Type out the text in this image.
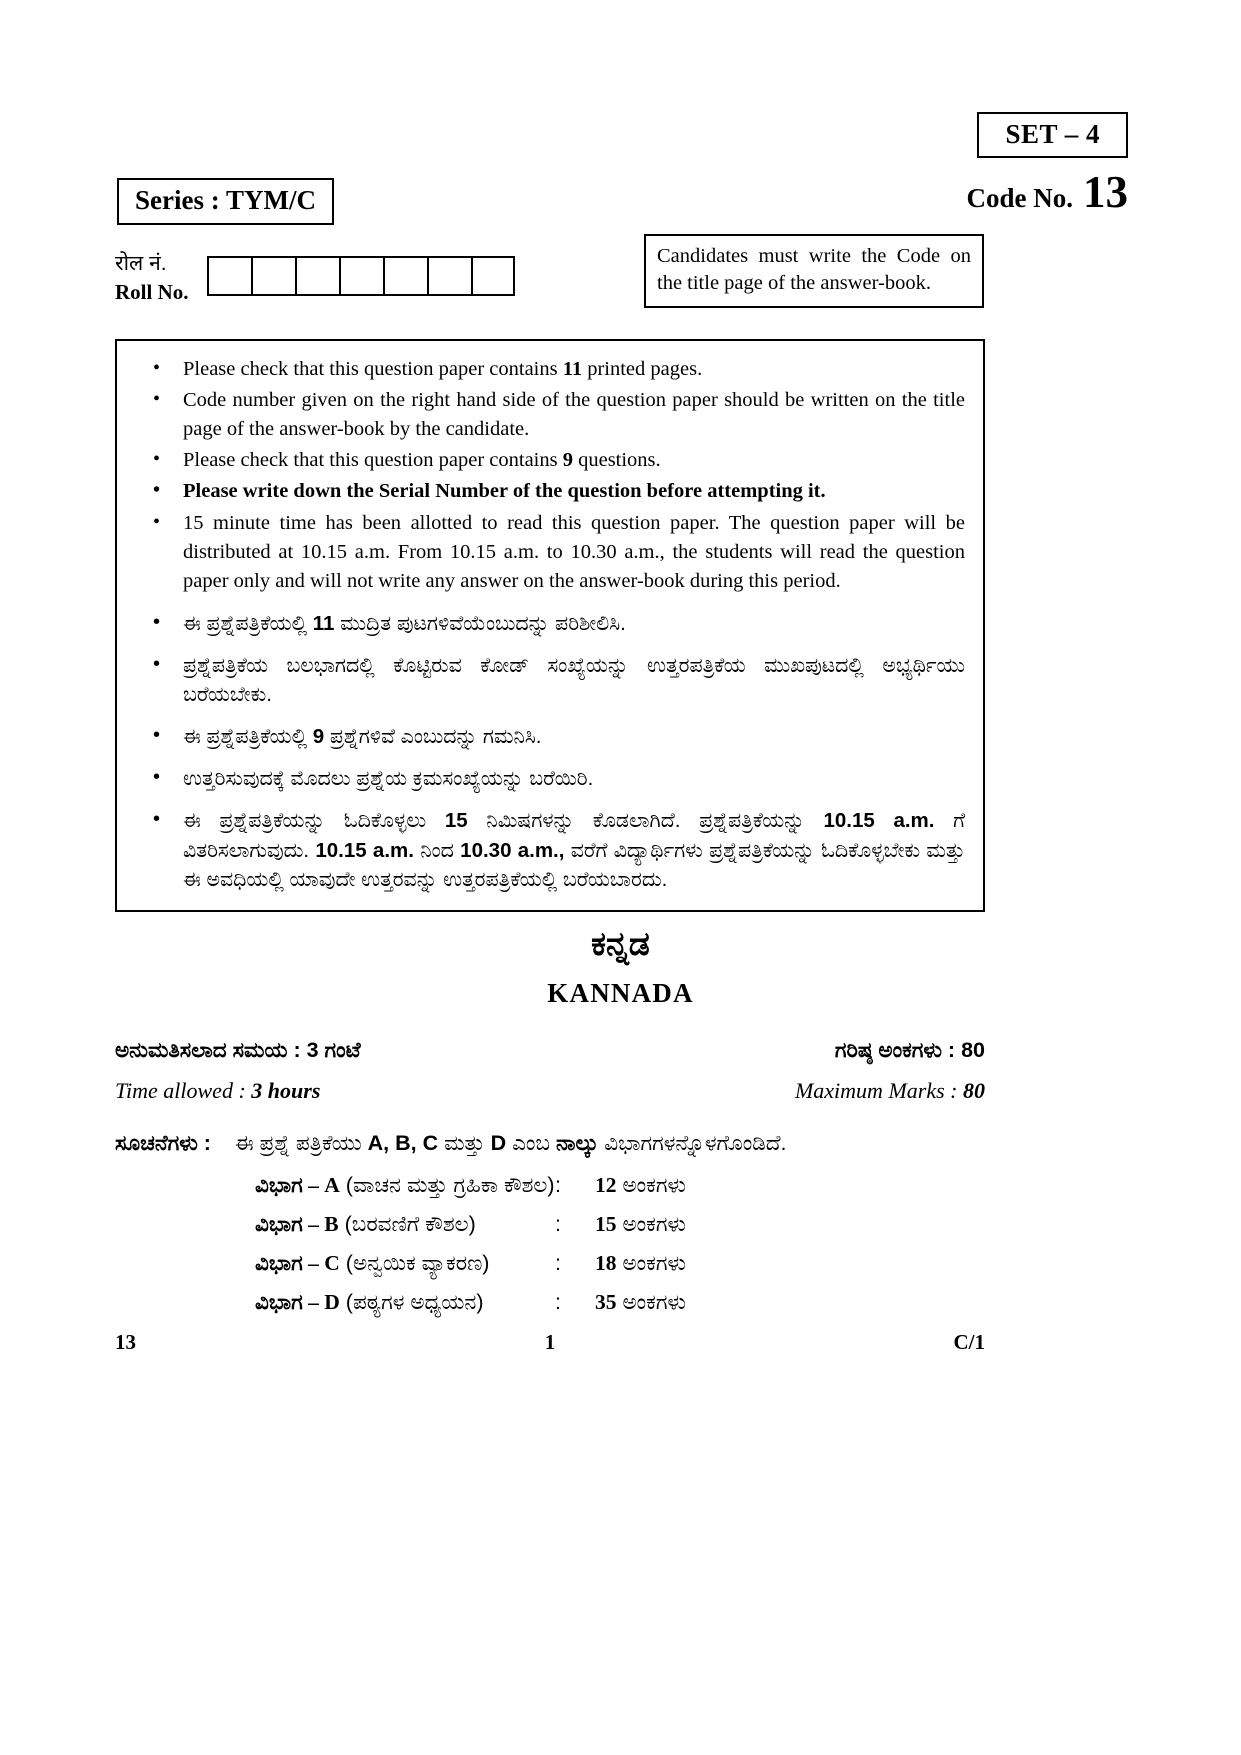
SET – 4
Code No. 13
Series : TYM/C
रोल नं.
Roll No.
Candidates must write the Code on the title page of the answer-book.
• Please check that this question paper contains 11 printed pages.
• Code number given on the right hand side of the question paper should be written on the title page of the answer-book by the candidate.
• Please check that this question paper contains 9 questions.
• Please write down the Serial Number of the question before attempting it.
• 15 minute time has been allotted to read this question paper. The question paper will be distributed at 10.15 a.m. From 10.15 a.m. to 10.30 a.m., the students will read the question paper only and will not write any answer on the answer-book during this period.
• ಈ ಪ್ರಶ್ನೆಪತ್ರಿಕೆಯಲ್ಲಿ 11 ಮುದ್ರಿತ ಪುಟಗಳಿವೆಯೆಂಬುದನ್ನು ಪರಿಶೀಲಿಸಿ.
• ಪ್ರಶ್ನೆಪತ್ರಿಕೆಯ ಬಲಭಾಗದಲ್ಲಿ ಕೊಟ್ಟಿರುವ ಕೋಡ್ ಸಂಖ್ಯೆಯನ್ನು ಉತ್ತರಪತ್ರಿಕೆಯ ಮುಖಪುಟದಲ್ಲಿ ಅಭ್ಯರ್ಥಿಯು ಬರೆಯಬೇಕು.
• ಈ ಪ್ರಶ್ನೆಪತ್ರಿಕೆಯಲ್ಲಿ 9 ಪ್ರಶ್ನೆಗಳಿವೆ ಎಂಬುದನ್ನು ಗಮನಿಸಿ.
• ಉತ್ತರಿಸುವುದಕ್ಕೆ ಮೊದಲು ಪ್ರಶ್ನೆಯ ಕ್ರಮಸಂಖ್ಯೆಯನ್ನು ಬರೆಯಿರಿ.
• ಈ ಪ್ರಶ್ನೆಪತ್ರಿಕೆಯನ್ನು ಓದಿಕೊಳ್ಳಲು 15 ನಿಮಿಷಗಳನ್ನು ಕೊಡಲಾಗಿದೆ. ಪ್ರಶ್ನೆಪತ್ರಿಕೆಯನ್ನು 10.15 a.m. ಗೆ ವಿತರಿಸಲಾಗುವುದು. 10.15 a.m. ನಿಂದ 10.30 a.m., ವರೆಗೆ ವಿದ್ಯಾರ್ಥಿಗಳು ಪ್ರಶ್ನೆಪತ್ರಿಕೆಯನ್ನು ಓದಿಕೊಳ್ಳಬೇಕು ಮತ್ತು ಈ ಅವಧಿಯಲ್ಲಿ ಯಾವುದೇ ಉತ್ತರವನ್ನು ಉತ್ತರಪತ್ರಿಕೆಯಲ್ಲಿ ಬರೆಯಬಾರದು.
ಕನ್ನಡ
KANNADA
ಅನುಮತಿಸಲಾದ ಸಮಯ : 3 ಗಂಟೆ	ಗರಿಷ್ಠ ಅಂಕಗಳು : 80
Time allowed : 3 hours	Maximum Marks : 80
ಸೂಚನೆಗಳು :	ಈ ಪ್ರಶ್ನೆ ಪತ್ರಿಕೆಯು A, B, C ಮತ್ತು D ಎಂಬ ನಾಲ್ಕು ವಿಭಾಗಗಳನ್ನೊಳಗೊಂಡಿದೆ.
ವಿಭಾಗ – A (ವಾಚನ ಮತ್ತು ಗ್ರಹಿಕಾ ಕೌಶಲ) :	12 ಅಂಕಗಳು
ವಿಭಾಗ – B (ಬರವಣಿಗೆ ಕೌಶಲ)	:	15 ಅಂಕಗಳು
ವಿಭಾಗ – C (ಅನ್ವಯಿಕ ವ್ಯಾಕರಣ)	:	18 ಅಂಕಗಳು
ವಿಭಾಗ – D (ಪಠ್ಯಗಳ ಅಧ್ಯಯನ)	:	35 ಅಂಕಗಳು
13	1	C/1
